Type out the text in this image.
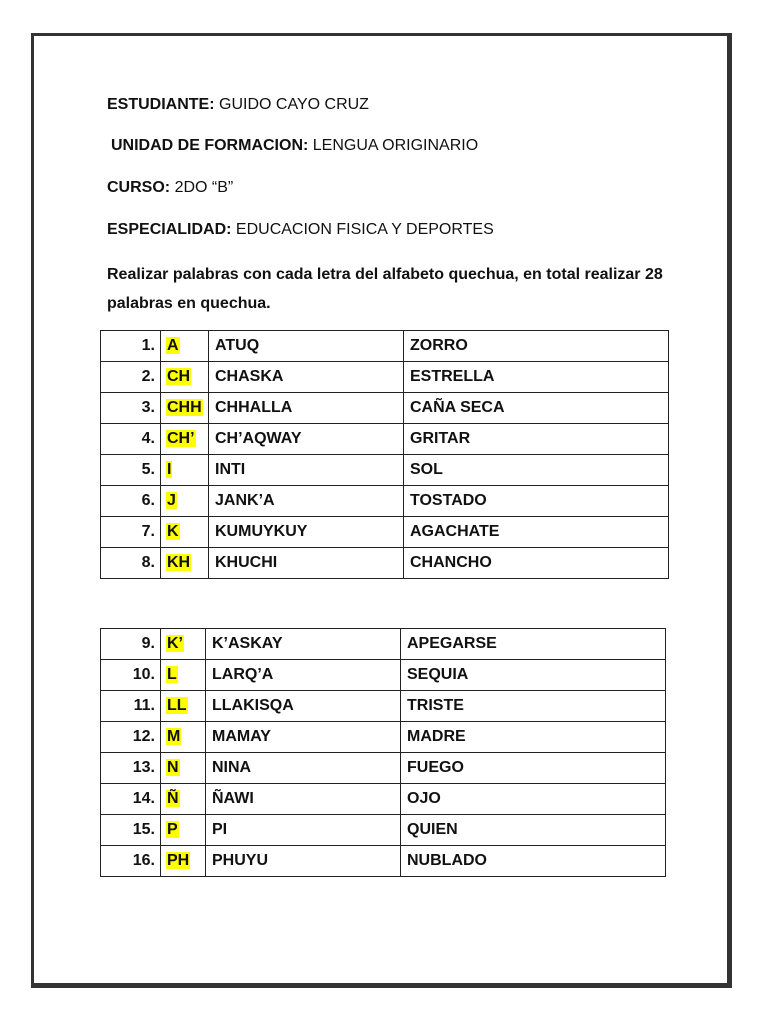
ESTUDIANTE: GUIDO CAYO CRUZ
UNIDAD DE FORMACION: LENGUA ORIGINARIO
CURSO: 2DO “B”
ESPECIALIDAD: EDUCACION FISICA Y DEPORTES
Realizar palabras con cada letra del alfabeto quechua, en total realizar 28 palabras en quechua.
1.	A	ATUQ	ZORRO
2.	CH	CHASKA	ESTRELLA
3.	CHH	CHHALLA	CAÑA SECA
4.	CH’	CH’AQWAY	GRITAR
5.	I	INTI	SOL
6.	J	JANK’A	TOSTADO
7.	K	KUMUYKUY	AGACHATE
8.	KH	KHUCHI	CHANCHO
9.	K’	K’ASKAY	APEGARSE
10.	L	LARQ’A	SEQUIA
11.	LL	LLAKISQA	TRISTE
12.	M	MAMAY	MADRE
13.	N	NINA	FUEGO
14.	Ñ	ÑAWI	OJO
15.	P	PI	QUIEN
16.	PH	PHUYU	NUBLADO
